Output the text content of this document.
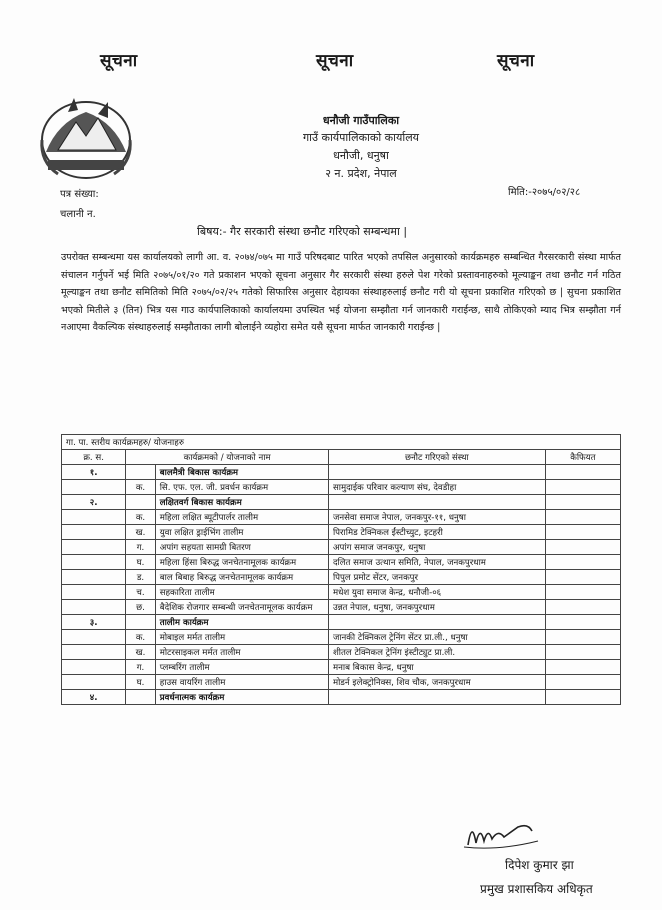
सूचना	सूचना	सूचना
धनौजी गाउँपालिका
गाउँ कार्यपालिकाको कार्यालय
धनौजी, धनुषा
२ न. प्रदेश, नेपाल
पत्र संख्या:
चलानी न.
मिति:-२०७५/०२/२८
बिषय:- गैर सरकारी संस्था छनौट गरिएको सम्बन्धमा |
उपरोक्त सम्बन्धमा यस कार्यालयको लागी आ. व. २०७४/०७५ मा गाउँ परिषदबाट पारित भएको तपसिल अनुसारको कार्यक्रमहरु सम्बन्धित गैरसरकारी संस्था मार्फत संचालन गर्नुपर्ने भई मिति २०७५/०१/२० गते प्रकाशन भएको सूचना अनुसार गैर सरकारी संस्था हरुले पेश गरेको प्रस्तावनाहरुको मूल्याङ्कन तथा छनौट गर्न गठित मूल्याङ्कन तथा छनौट समितिको मिति २०७५/०२/२५ गतेको सिफारिस अनुसार देहायका संस्थाहरुलाई छनौट गरी यो सूचना प्रकाशित गरिएको छ | सुचना प्रकाशित भएको मितीले ३ (तिन) भित्र यस गाउ कार्यपालिकाको कार्यालयमा उपस्थित भई योजना सम्झौता गर्न जानकारी गराईन्छ, साथै तोकिएको म्याद भित्र सम्झौता गर्न नआएमा वैकल्पिक संस्थाहरुलाई सम्झौताका लागी बोलाईने व्यहोरा समेत यसै सूचना मार्फत जानकारी गराईन्छ |
गा. पा. स्तरीय कार्यक्रमहरु/ योजनाहरु				
क्र. स.	कार्यक्रमको / योजनाको नाम		छनौट गरिएको संस्था	कैफियत
१.		बालमैत्री बिकास कार्यक्रम		
	क.	सि. एफ. एल. जी. प्रवर्धन कार्यक्रम	सामुदाईक परिवार कल्याण संघ, देवडीहा	
२.		लक्षितवर्ग बिकास कार्यक्रम		
	क.	महिला लक्षित ब्यूटीपार्लर तालीम	जनसेवा समाज नेपाल, जनकपुर-११, धनुषा	
	ख.	युवा लक्षित ड्राईभिंग तालीम	पिरामिड टेक्निकल ईंस्टीच्युट, इटहरी	
	ग.	अपांग सहयता सामग्री बितरण	अपांग समाज जनकपुर, धनुषा	
	घ.	महिला हिंसा बिरुद्ध जनचेतनामूलक कार्यक्रम	दलित समाज उत्थान समिति, नेपाल, जनकपुरधाम	
	ड.	बाल बिबाह बिरुद्ध जनचेतनामूलक कार्यक्रम	पिपुल प्रमोट सेंटर, जनकपुर	
	च.	सहकारिता तालीम	मधेश युवा समाज केन्द्र, धनौजी-०६	
	छ.	बैदेशिक रोजगार सम्बन्धी जनचेतनामूलक कार्यक्रम	उन्नत नेपाल, धनुषा, जनकपुरधाम	
३.		तालीम कार्यक्रम		
	क.	मोबाइल मर्मत तालीम	जानकी टेक्निकल ट्रेनिंग सेंटर प्रा.ली., धनुषा	
	ख.	मोटरसाइकल मर्मत तालीम	शीतल टेक्निकल ट्रेनिंग इंस्टीट्युट प्रा.ली.	
	ग.	प्लम्बरिंग तालीम	मनाब बिकास केन्द्र, धनुषा	
	घ.	हाउस वायरिंग तालीम	मोडर्न इलेक्ट्रोनिक्स, शिव चौक, जनकपुरधाम	
४.		प्रवर्धनात्मक कार्यक्रम		
दिपेश कुमार झा
प्रमुख प्रशासकिय अधिकृत
